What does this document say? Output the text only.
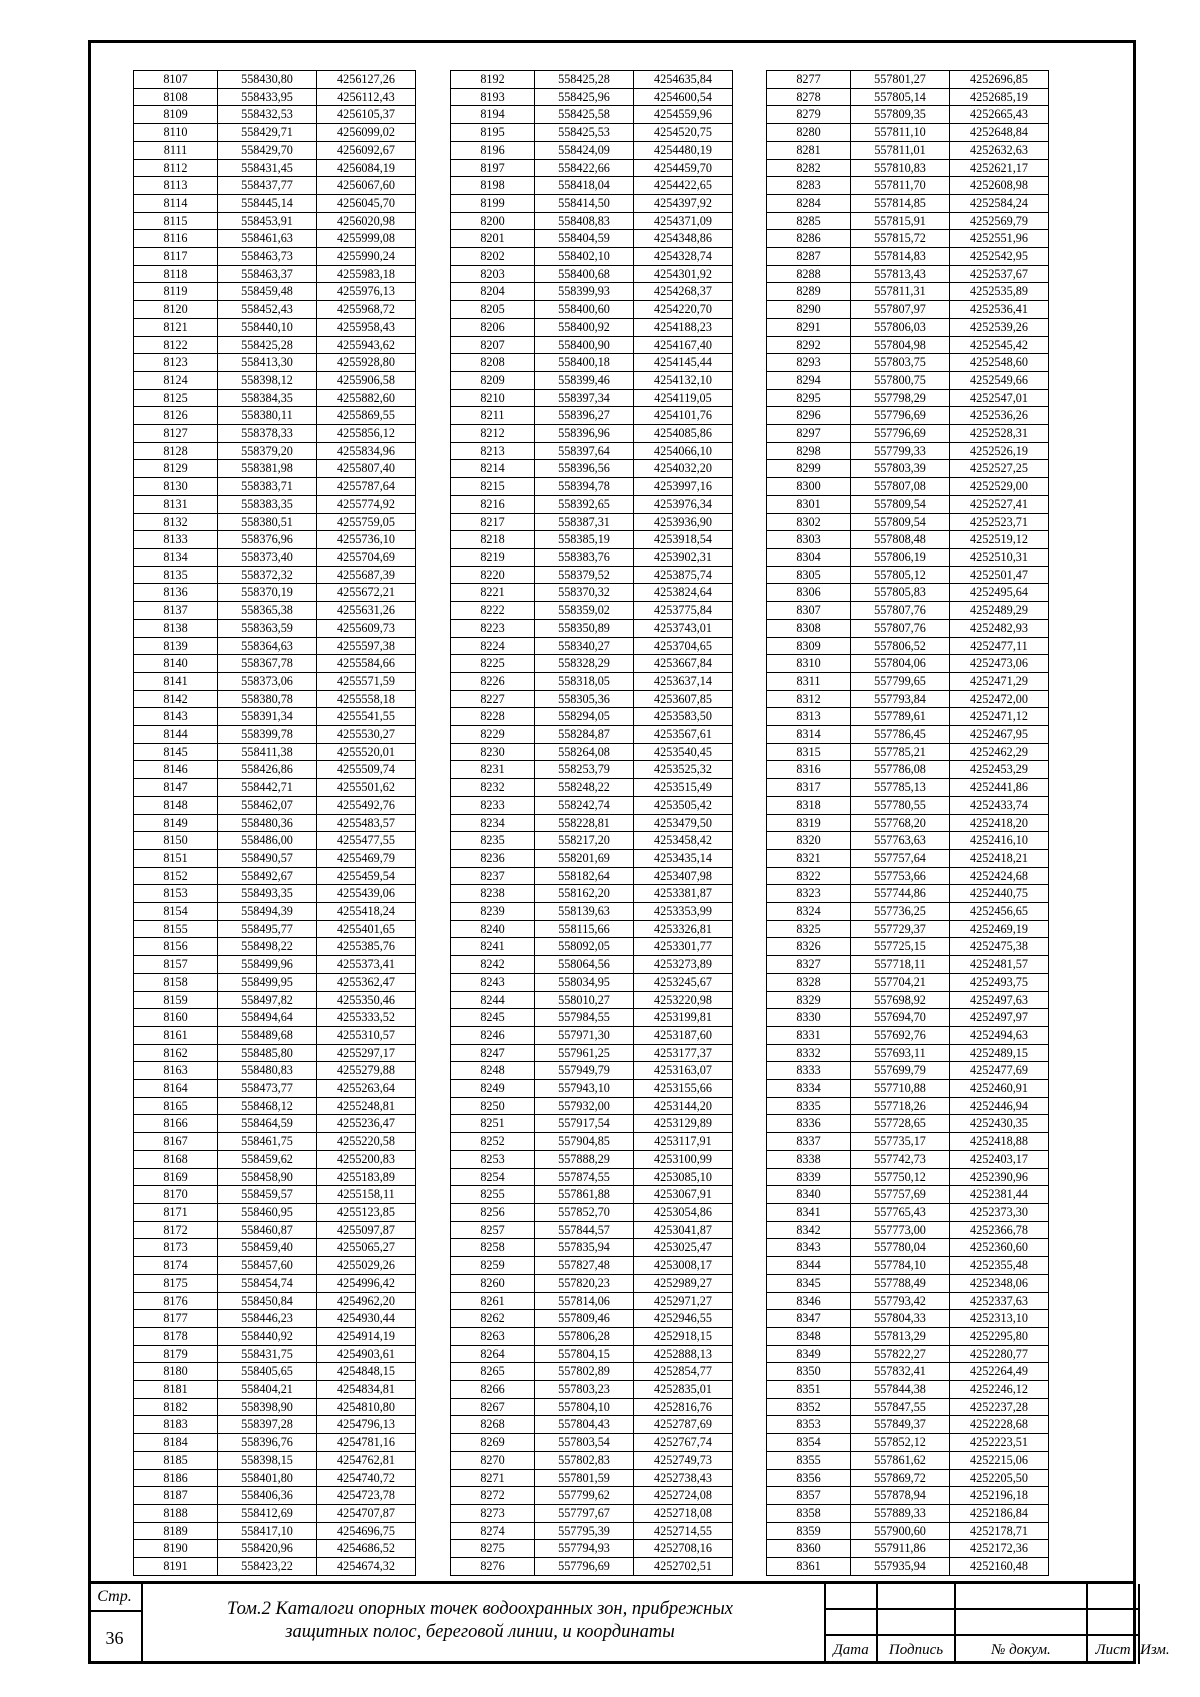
8107	558430,80	4256127,26
8108	558433,95	4256112,43
8109	558432,53	4256105,37
8110	558429,71	4256099,02
8111	558429,70	4256092,67
8112	558431,45	4256084,19
8113	558437,77	4256067,60
8114	558445,14	4256045,70
8115	558453,91	4256020,98
8116	558461,63	4255999,08
8117	558463,73	4255990,24
8118	558463,37	4255983,18
8119	558459,48	4255976,13
8120	558452,43	4255968,72
8121	558440,10	4255958,43
8122	558425,28	4255943,62
8123	558413,30	4255928,80
8124	558398,12	4255906,58
8125	558384,35	4255882,60
8126	558380,11	4255869,55
8127	558378,33	4255856,12
8128	558379,20	4255834,96
8129	558381,98	4255807,40
8130	558383,71	4255787,64
8131	558383,35	4255774,92
8132	558380,51	4255759,05
8133	558376,96	4255736,10
8134	558373,40	4255704,69
8135	558372,32	4255687,39
8136	558370,19	4255672,21
8137	558365,38	4255631,26
8138	558363,59	4255609,73
8139	558364,63	4255597,38
8140	558367,78	4255584,66
8141	558373,06	4255571,59
8142	558380,78	4255558,18
8143	558391,34	4255541,55
8144	558399,78	4255530,27
8145	558411,38	4255520,01
8146	558426,86	4255509,74
8147	558442,71	4255501,62
8148	558462,07	4255492,76
8149	558480,36	4255483,57
8150	558486,00	4255477,55
8151	558490,57	4255469,79
8152	558492,67	4255459,54
8153	558493,35	4255439,06
8154	558494,39	4255418,24
8155	558495,77	4255401,65
8156	558498,22	4255385,76
8157	558499,96	4255373,41
8158	558499,95	4255362,47
8159	558497,82	4255350,46
8160	558494,64	4255333,52
8161	558489,68	4255310,57
8162	558485,80	4255297,17
8163	558480,83	4255279,88
8164	558473,77	4255263,64
8165	558468,12	4255248,81
8166	558464,59	4255236,47
8167	558461,75	4255220,58
8168	558459,62	4255200,83
8169	558458,90	4255183,89
8170	558459,57	4255158,11
8171	558460,95	4255123,85
8172	558460,87	4255097,87
8173	558459,40	4255065,27
8174	558457,60	4255029,26
8175	558454,74	4254996,42
8176	558450,84	4254962,20
8177	558446,23	4254930,44
8178	558440,92	4254914,19
8179	558431,75	4254903,61
8180	558405,65	4254848,15
8181	558404,21	4254834,81
8182	558398,90	4254810,80
8183	558397,28	4254796,13
8184	558396,76	4254781,16
8185	558398,15	4254762,81
8186	558401,80	4254740,72
8187	558406,36	4254723,78
8188	558412,69	4254707,87
8189	558417,10	4254696,75
8190	558420,96	4254686,52
8191	558423,22	4254674,32
8192	558425,28	4254635,84
8193	558425,96	4254600,54
8194	558425,58	4254559,96
8195	558425,53	4254520,75
8196	558424,09	4254480,19
8197	558422,66	4254459,70
8198	558418,04	4254422,65
8199	558414,50	4254397,92
8200	558408,83	4254371,09
8201	558404,59	4254348,86
8202	558402,10	4254328,74
8203	558400,68	4254301,92
8204	558399,93	4254268,37
8205	558400,60	4254220,70
8206	558400,92	4254188,23
8207	558400,90	4254167,40
8208	558400,18	4254145,44
8209	558399,46	4254132,10
8210	558397,34	4254119,05
8211	558396,27	4254101,76
8212	558396,96	4254085,86
8213	558397,64	4254066,10
8214	558396,56	4254032,20
8215	558394,78	4253997,16
8216	558392,65	4253976,34
8217	558387,31	4253936,90
8218	558385,19	4253918,54
8219	558383,76	4253902,31
8220	558379,52	4253875,74
8221	558370,32	4253824,64
8222	558359,02	4253775,84
8223	558350,89	4253743,01
8224	558340,27	4253704,65
8225	558328,29	4253667,84
8226	558318,05	4253637,14
8227	558305,36	4253607,85
8228	558294,05	4253583,50
8229	558284,87	4253567,61
8230	558264,08	4253540,45
8231	558253,79	4253525,32
8232	558248,22	4253515,49
8233	558242,74	4253505,42
8234	558228,81	4253479,50
8235	558217,20	4253458,42
8236	558201,69	4253435,14
8237	558182,64	4253407,98
8238	558162,20	4253381,87
8239	558139,63	4253353,99
8240	558115,66	4253326,81
8241	558092,05	4253301,77
8242	558064,56	4253273,89
8243	558034,95	4253245,67
8244	558010,27	4253220,98
8245	557984,55	4253199,81
8246	557971,30	4253187,60
8247	557961,25	4253177,37
8248	557949,79	4253163,07
8249	557943,10	4253155,66
8250	557932,00	4253144,20
8251	557917,54	4253129,89
8252	557904,85	4253117,91
8253	557888,29	4253100,99
8254	557874,55	4253085,10
8255	557861,88	4253067,91
8256	557852,70	4253054,86
8257	557844,57	4253041,87
8258	557835,94	4253025,47
8259	557827,48	4253008,17
8260	557820,23	4252989,27
8261	557814,06	4252971,27
8262	557809,46	4252946,55
8263	557806,28	4252918,15
8264	557804,15	4252888,13
8265	557802,89	4252854,77
8266	557803,23	4252835,01
8267	557804,10	4252816,76
8268	557804,43	4252787,69
8269	557803,54	4252767,74
8270	557802,83	4252749,73
8271	557801,59	4252738,43
8272	557799,62	4252724,08
8273	557797,67	4252718,08
8274	557795,39	4252714,55
8275	557794,93	4252708,16
8276	557796,69	4252702,51
8277	557801,27	4252696,85
8278	557805,14	4252685,19
8279	557809,35	4252665,43
8280	557811,10	4252648,84
8281	557811,01	4252632,63
8282	557810,83	4252621,17
8283	557811,70	4252608,98
8284	557814,85	4252584,24
8285	557815,91	4252569,79
8286	557815,72	4252551,96
8287	557814,83	4252542,95
8288	557813,43	4252537,67
8289	557811,31	4252535,89
8290	557807,97	4252536,41
8291	557806,03	4252539,26
8292	557804,98	4252545,42
8293	557803,75	4252548,60
8294	557800,75	4252549,66
8295	557798,29	4252547,01
8296	557796,69	4252536,26
8297	557796,69	4252528,31
8298	557799,33	4252526,19
8299	557803,39	4252527,25
8300	557807,08	4252529,00
8301	557809,54	4252527,41
8302	557809,54	4252523,71
8303	557808,48	4252519,12
8304	557806,19	4252510,31
8305	557805,12	4252501,47
8306	557805,83	4252495,64
8307	557807,76	4252489,29
8308	557807,76	4252482,93
8309	557806,52	4252477,11
8310	557804,06	4252473,06
8311	557799,65	4252471,29
8312	557793,84	4252472,00
8313	557789,61	4252471,12
8314	557786,45	4252467,95
8315	557785,21	4252462,29
8316	557786,08	4252453,29
8317	557785,13	4252441,86
8318	557780,55	4252433,74
8319	557768,20	4252418,20
8320	557763,63	4252416,10
8321	557757,64	4252418,21
8322	557753,66	4252424,68
8323	557744,86	4252440,75
8324	557736,25	4252456,65
8325	557729,37	4252469,19
8326	557725,15	4252475,38
8327	557718,11	4252481,57
8328	557704,21	4252493,75
8329	557698,92	4252497,63
8330	557694,70	4252497,97
8331	557692,76	4252494,63
8332	557693,11	4252489,15
8333	557699,79	4252477,69
8334	557710,88	4252460,91
8335	557718,26	4252446,94
8336	557728,65	4252430,35
8337	557735,17	4252418,88
8338	557742,73	4252403,17
8339	557750,12	4252390,96
8340	557757,69	4252381,44
8341	557765,43	4252373,30
8342	557773,00	4252366,78
8343	557780,04	4252360,60
8344	557784,10	4252355,48
8345	557788,49	4252348,06
8346	557793,42	4252337,63
8347	557804,33	4252313,10
8348	557813,29	4252295,80
8349	557822,27	4252280,77
8350	557832,41	4252264,49
8351	557844,38	4252246,12
8352	557847,55	4252237,28
8353	557849,37	4252228,68
8354	557852,12	4252223,51
8355	557861,62	4252215,06
8356	557869,72	4252205,50
8357	557878,94	4252196,18
8358	557889,33	4252186,84
8359	557900,60	4252178,71
8360	557911,86	4252172,36
8361	557935,94	4252160,48
Стр.
36
Том.2 Каталоги опорных точек водоохранных зон, прибрежных
защитных полос, береговой линии, и координаты
Дата	Подпись	№ докум.	Лист Изм.
